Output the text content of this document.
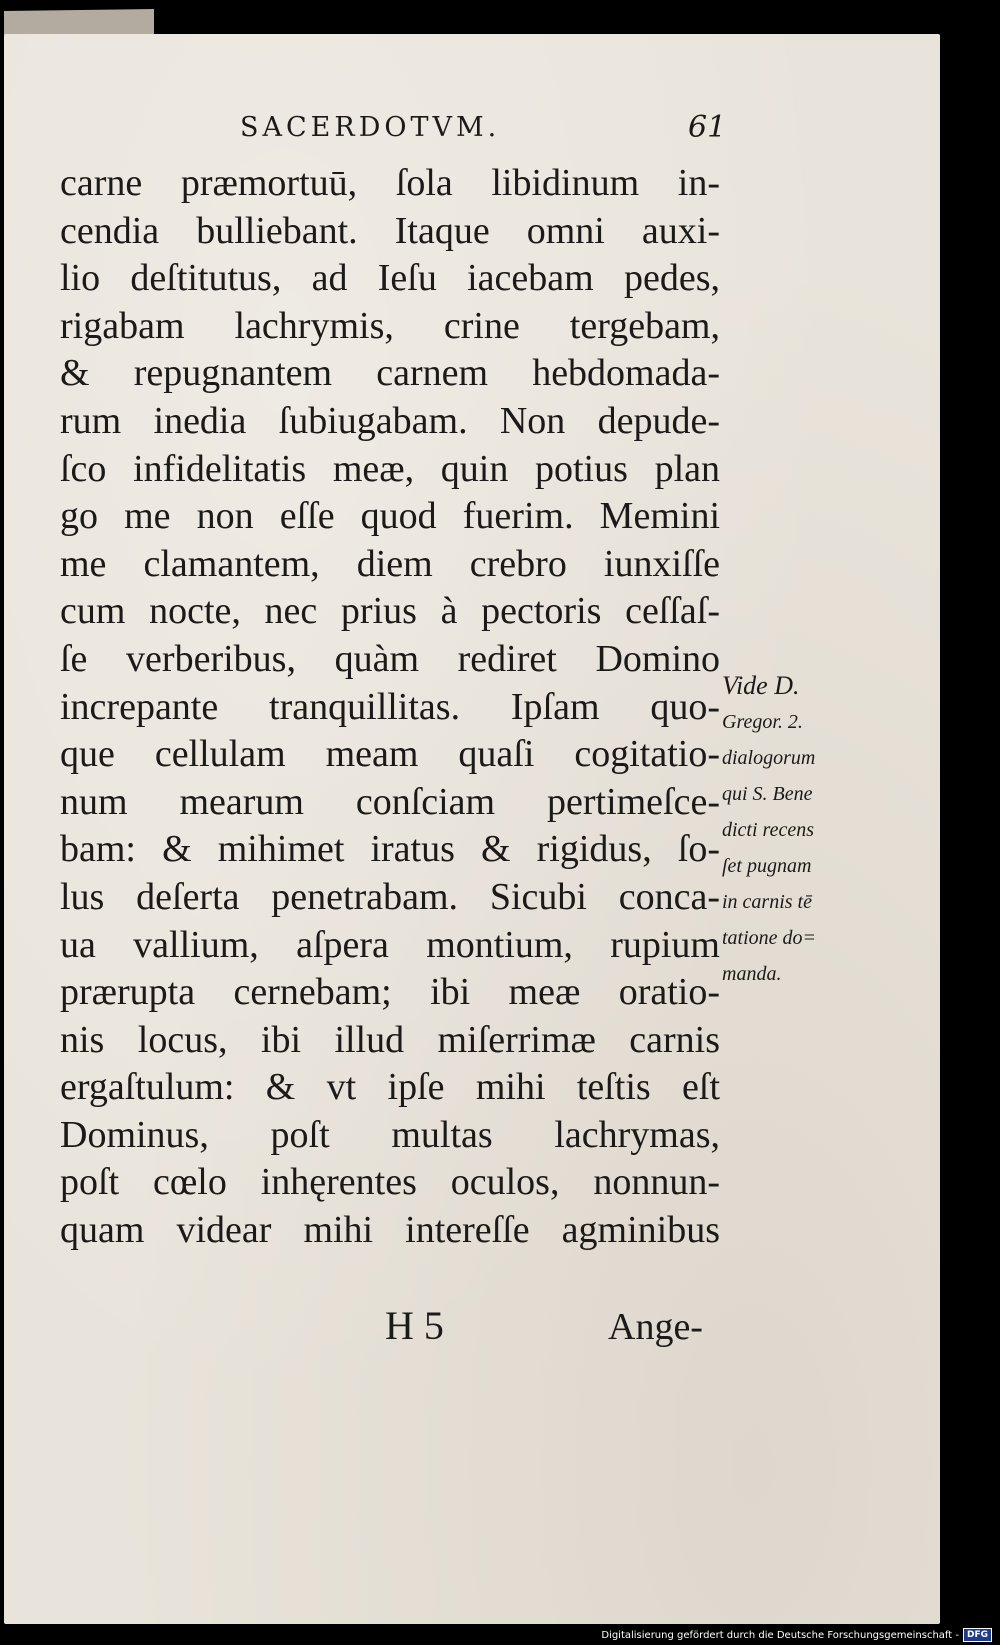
SACERDOTVM.	61
carne præmortuū, ſola libidinum in-
cendia bulliebant. Itaque omni auxi-
lio deſtitutus, ad Ieſu iacebam pedes,
rigabam lachrymis, crine tergebam,
& repugnantem carnem hebdomada-
rum inedia ſubiugabam. Non depude-
ſco infidelitatis meæ, quin potius plan
go me non eſſe quod fuerim. Memini
me clamantem, diem crebro iunxiſſe
cum nocte, nec prius à pectoris ceſſaſ-
ſe verberibus, quàm rediret Domino
increpante tranquillitas. Ipſam quo-
que cellulam meam quaſi cogitatio-
num mearum conſciam pertimeſce-
bam: & mihimet iratus & rigidus, ſo-
lus deſerta penetrabam. Sicubi conca-
ua vallium, aſpera montium, rupium
prærupta cernebam; ibi meæ oratio-
nis locus, ibi illud miſerrimæ carnis
ergaſtulum: & vt ipſe mihi teſtis eſt
Dominus, poſt multas lachrymas,
poſt cœlo inhęrentes oculos, nonnun-
quam videar mihi intereſſe agminibus
Vide D.
Gregor. 2.
dialogorum
qui S. Bene
dicti recens
ſet pugnam
in carnis tē
tatione do=
manda.
H 5	Ange-
Digitalisierung gefördert durch die Deutsche Forschungsgemeinschaft - DFG
